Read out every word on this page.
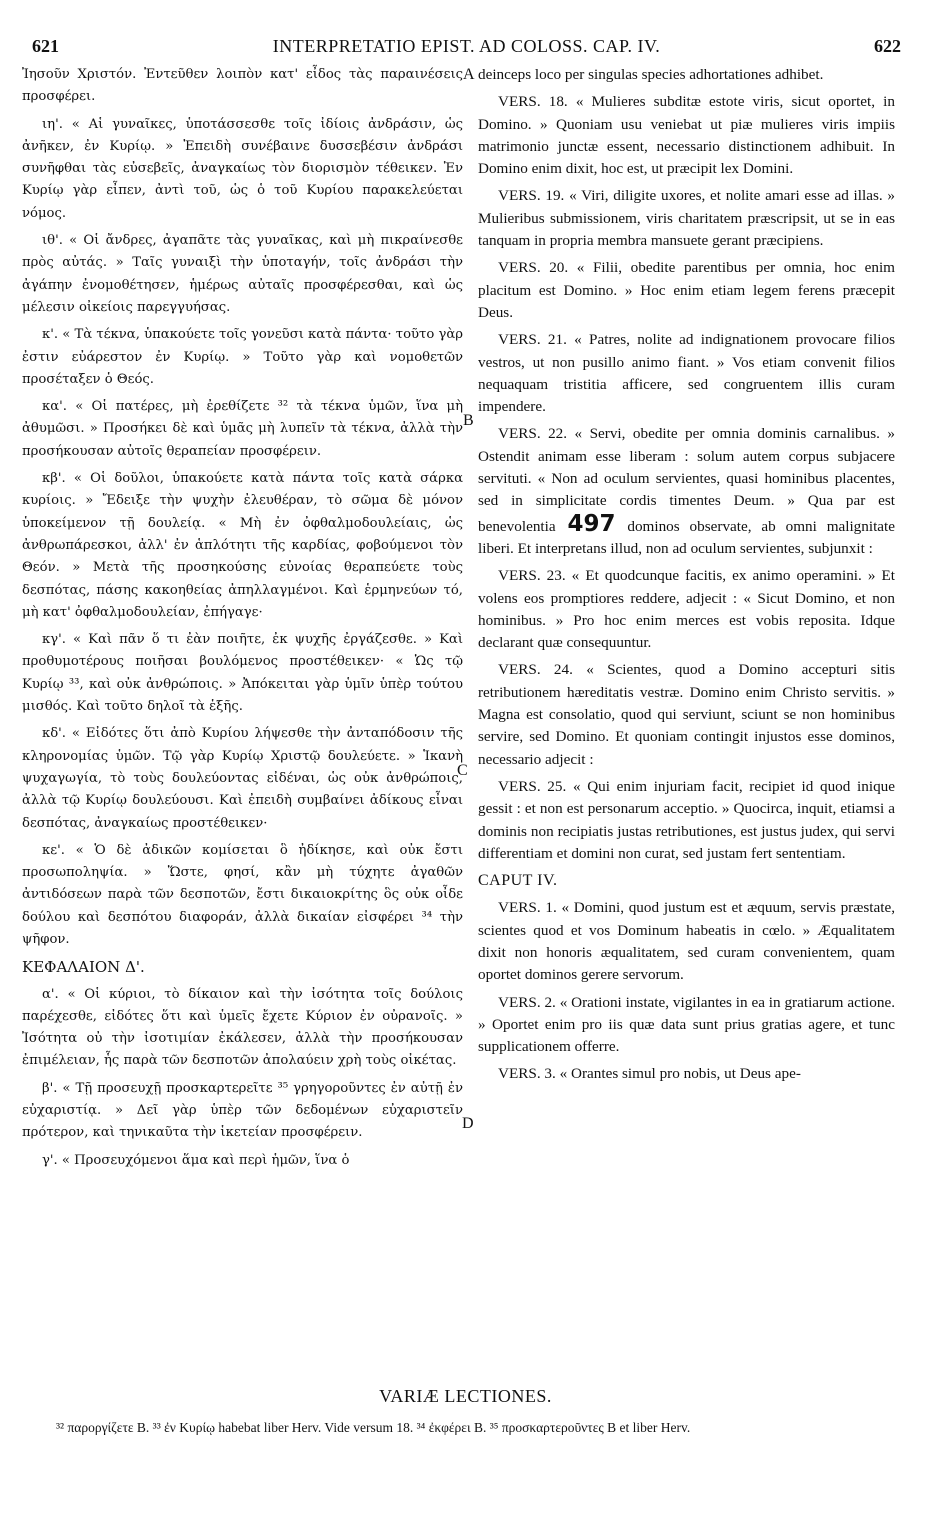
621	INTERPRETATIO EPIST. AD COLOSS. CAP. IV.	622
A
B
C
D

Ἰησοῦν Χριστόν. Ἐντεῦθεν λοιπὸν κατ' εἶδος τὰς παραινέσεις προσφέρει.

ιη'. « Αἱ γυναῖκες, ὑποτάσσεσθε τοῖς ἰδίοις ἀνδράσιν, ὡς ἀνῆκεν, ἐν Κυρίῳ. » Ἐπειδὴ συνέβαινε δυσσεβέσιν ἀνδράσι συνῆφθαι τὰς εὐσεβεῖς, ἀναγκαίως τὸν διορισμὸν τέθεικεν. Ἐν Κυρίῳ γὰρ εἶπεν, ἀντὶ τοῦ, ὡς ὁ τοῦ Κυρίου παρακελεύεται νόμος.

ιθ'. « Οἱ ἄνδρες, ἀγαπᾶτε τὰς γυναῖκας, καὶ μὴ πικραίνεσθε πρὸς αὐτάς. » Ταῖς γυναιξὶ τὴν ὑποταγήν, τοῖς ἀνδράσι τὴν ἀγάπην ἐνομοθέτησεν, ἡμέρως αὐταῖς προσφέρεσθαι, καὶ ὡς μέλεσιν οἰκείοις παρεγγυήσας.

κ'. « Τὰ τέκνα, ὑπακούετε τοῖς γονεῦσι κατὰ πάντα· τοῦτο γὰρ ἐστιν εὐάρεστον ἐν Κυρίῳ. » Τοῦτο γὰρ καὶ νομοθετῶν προσέταξεν ὁ Θεός.

κα'. « Οἱ πατέρες, μὴ ἐρεθίζετε ³² τὰ τέκνα ὑμῶν, ἵνα μὴ ἀθυμῶσι. » Προσήκει δὲ καὶ ὑμᾶς μὴ λυπεῖν τὰ τέκνα, ἀλλὰ τὴν προσήκουσαν αὐτοῖς θεραπείαν προσφέρειν.

κβ'. « Οἱ δοῦλοι, ὑπακούετε κατὰ πάντα τοῖς κατὰ σάρκα κυρίοις. » Ἔδειξε τὴν ψυχὴν ἐλευθέραν, τὸ σῶμα δὲ μόνον ὑποκείμενον τῇ δουλείᾳ. « Μὴ ἐν ὀφθαλμοδουλείαις, ὡς ἀνθρωπάρεσκοι, ἀλλ' ἐν ἁπλότητι τῆς καρδίας, φοβούμενοι τὸν Θεόν. » Μετὰ τῆς προσηκούσης εὐνοίας θεραπεύετε τοὺς δεσπότας, πάσης κακοηθείας ἀπηλλαγμένοι. Καὶ ἑρμηνεύων τό, μὴ κατ' ὀφθαλμοδουλείαν, ἐπήγαγε·

κγ'. « Καὶ πᾶν ὅ τι ἐὰν ποιῆτε, ἐκ ψυχῆς ἐργάζεσθε. » Καὶ προθυμοτέρους ποιῆσαι βουλόμενος προστέθεικεν· « Ὡς τῷ Κυρίῳ ³³, καὶ οὐκ ἀνθρώποις. » Ἀπόκειται γὰρ ὑμῖν ὑπὲρ τούτου μισθός. Καὶ τοῦτο δηλοῖ τὰ ἑξῆς.

κδ'. « Εἰδότες ὅτι ἀπὸ Κυρίου λήψεσθε τὴν ἀνταπόδοσιν τῆς κληρονομίας ὑμῶν. Τῷ γὰρ Κυρίῳ Χριστῷ δουλεύετε. » Ἱκανὴ ψυχαγωγία, τὸ τοὺς δουλεύοντας εἰδέναι, ὡς οὐκ ἀνθρώποις, ἀλλὰ τῷ Κυρίῳ δουλεύουσι. Καὶ ἐπειδὴ συμβαίνει ἀδίκους εἶναι δεσπότας, ἀναγκαίως προστέθεικεν·

κε'. « Ὁ δὲ ἀδικῶν κομίσεται ὃ ἠδίκησε, καὶ οὐκ ἔστι προσωποληψία. » Ὥστε, φησί, κἂν μὴ τύχητε ἀγαθῶν ἀντιδόσεων παρὰ τῶν δεσποτῶν, ἔστι δικαιοκρίτης ὃς οὐκ οἶδε δούλου καὶ δεσπότου διαφοράν, ἀλλὰ δικαίαν εἰσφέρει ³⁴ τὴν ψῆφον.

ΚΕΦΑΛΑΙΟΝ Δ'.

α'. « Οἱ κύριοι, τὸ δίκαιον καὶ τὴν ἰσότητα τοῖς δούλοις παρέχεσθε, εἰδότες ὅτι καὶ ὑμεῖς ἔχετε Κύριον ἐν οὐρανοῖς. » Ἰσότητα οὐ τὴν ἰσοτιμίαν ἐκάλεσεν, ἀλλὰ τὴν προσήκουσαν ἐπιμέλειαν, ἧς παρὰ τῶν δεσποτῶν ἀπολαύειν χρὴ τοὺς οἰκέτας.

β'. « Τῇ προσευχῇ προσκαρτερεῖτε ³⁵ γρηγοροῦντες ἐν αὐτῇ ἐν εὐχαριστίᾳ. » Δεῖ γὰρ ὑπὲρ τῶν δεδομένων εὐχαριστεῖν πρότερον, καὶ τηνικαῦτα τὴν ἱκετείαν προσφέρειν.

γ'. « Προσευχόμενοι ἅμα καὶ περὶ ἡμῶν, ἵνα ὁ

deinceps loco per singulas species adhortationes adhibet.

VERS. 18. « Mulieres subditæ estote viris, sicut oportet, in Domino. » Quoniam usu veniebat ut piæ mulieres viris impiis matrimonio junctæ essent, necessario distinctionem adhibuit. In Domino enim dixit, hoc est, ut præcipit lex Domini.

VERS. 19. « Viri, diligite uxores, et nolite amari esse ad illas. » Mulieribus submissionem, viris charitatem præscripsit, ut se in eas tanquam in propria membra mansuete gerant præcipiens.

VERS. 20. « Filii, obedite parentibus per omnia, hoc enim placitum est Domino. » Hoc enim etiam legem ferens præcepit Deus.

VERS. 21. « Patres, nolite ad indignationem provocare filios vestros, ut non pusillo animo fiant. » Vos etiam convenit filios nequaquam tristitia afficere, sed congruentem illis curam impendere.

VERS. 22. « Servi, obedite per omnia dominis carnalibus. » Ostendit animam esse liberam : solum autem corpus subjacere servituti. « Non ad oculum servientes, quasi hominibus placentes, sed in simplicitate cordis timentes Deum. » Qua par est benevolentia 497 dominos observate, ab omni malignitate liberi. Et interpretans illud, non ad oculum servientes, subjunxit :

VERS. 23. « Et quodcunque facitis, ex animo operamini. » Et volens eos promptiores reddere, adjecit : « Sicut Domino, et non hominibus. » Pro hoc enim merces est vobis reposita. Idque declarant quæ consequuntur.

VERS. 24. « Scientes, quod a Domino accepturi sitis retributionem hæreditatis vestræ. Domino enim Christo servitis. » Magna est consolatio, quod qui serviunt, sciunt se non hominibus servire, sed Domino. Et quoniam contingit injustos esse dominos, necessario adjecit :

VERS. 25. « Qui enim injuriam facit, recipiet id quod inique gessit : et non est personarum acceptio. » Quocirca, inquit, etiamsi a dominis non recipiatis justas retributiones, est justus judex, qui servi differentiam et domini non curat, sed justam fert sententiam.

CAPUT IV.

VERS. 1. « Domini, quod justum est et æquum, servis præstate, scientes quod et vos Dominum habeatis in cœlo. » Æqualitatem dixit non honoris æqualitatem, sed curam convenientem, quam oportet dominos gerere servorum.

VERS. 2. « Orationi instate, vigilantes in ea in gratiarum actione. » Oportet enim pro iis quæ data sunt prius gratias agere, et tunc supplicationem offerre.

VERS. 3. « Orantes simul pro nobis, ut Deus ape-

VARIÆ LECTIONES.

³² παροργίζετε B. ³³ ἐν Κυρίῳ habebat liber Herv. Vide versum 18. ³⁴ ἐκφέρει B. ³⁵ προσκαρτεροῦντες B et liber Herv.
